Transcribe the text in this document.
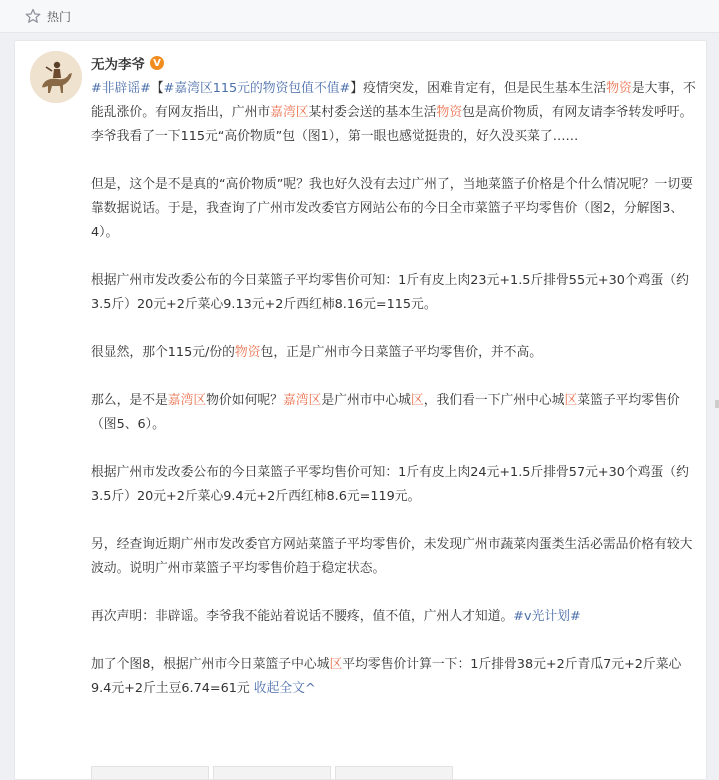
热门
无为李爷 V

#非辟谣#【#嘉湾区115元的物资包值不值#】疫情突发，困难肯定有，但是民生基本生活物资是大事，不能乱涨价。有网友指出，广州市嘉湾区某村委会送的基本生活物资包是高价物质，有网友请李爷转发呼吁。李爷我看了一下115元“高价物质”包（图1），第一眼也感觉挺贵的，好久没买菜了……

但是，这个是不是真的“高价物质”呢？我也好久没有去过广州了，当地菜篮子价格是个什么情况呢？一切要靠数据说话。于是，我查询了广州市发改委官方网站公布的今日全市菜篮子平均零售价（图2，分解图3、4）。

根据广州市发改委公布的今日菜篮子平均零售价可知：1斤有皮上肉23元+1.5斤排骨55元+30个鸡蛋（约3.5斤）20元+2斤菜心9.13元+2斤西红柿8.16元=115元。

很显然，那个115元/份的物资包，正是广州市今日菜篮子平均零售价，并不高。

那么，是不是嘉湾区物价如何呢？嘉湾区是广州市中心城区，我们看一下广州中心城区菜篮子平均零售价（图5、6）。

根据广州市发改委公布的今日菜篮子平零均售价可知：1斤有皮上肉24元+1.5斤排骨57元+30个鸡蛋（约3.5斤）20元+2斤菜心9.4元+2斤西红柿8.6元=119元。

另，经查询近期广州市发改委官方网站菜篮子平均零售价，未发现广州市蔬菜肉蛋类生活必需品价格有较大波动。说明广州市菜篮子平均零售价趋于稳定状态。

再次声明：非辟谣。李爷我不能站着说话不腰疼，值不值，广州人才知道。#v光计划#

加了个图8，根据广州市今日菜篮子中心城区平均零售价计算一下：1斤排骨38元+2斤青瓜7元+2斤菜心9.4元+2斤土豆6.74=61元 收起全文^
